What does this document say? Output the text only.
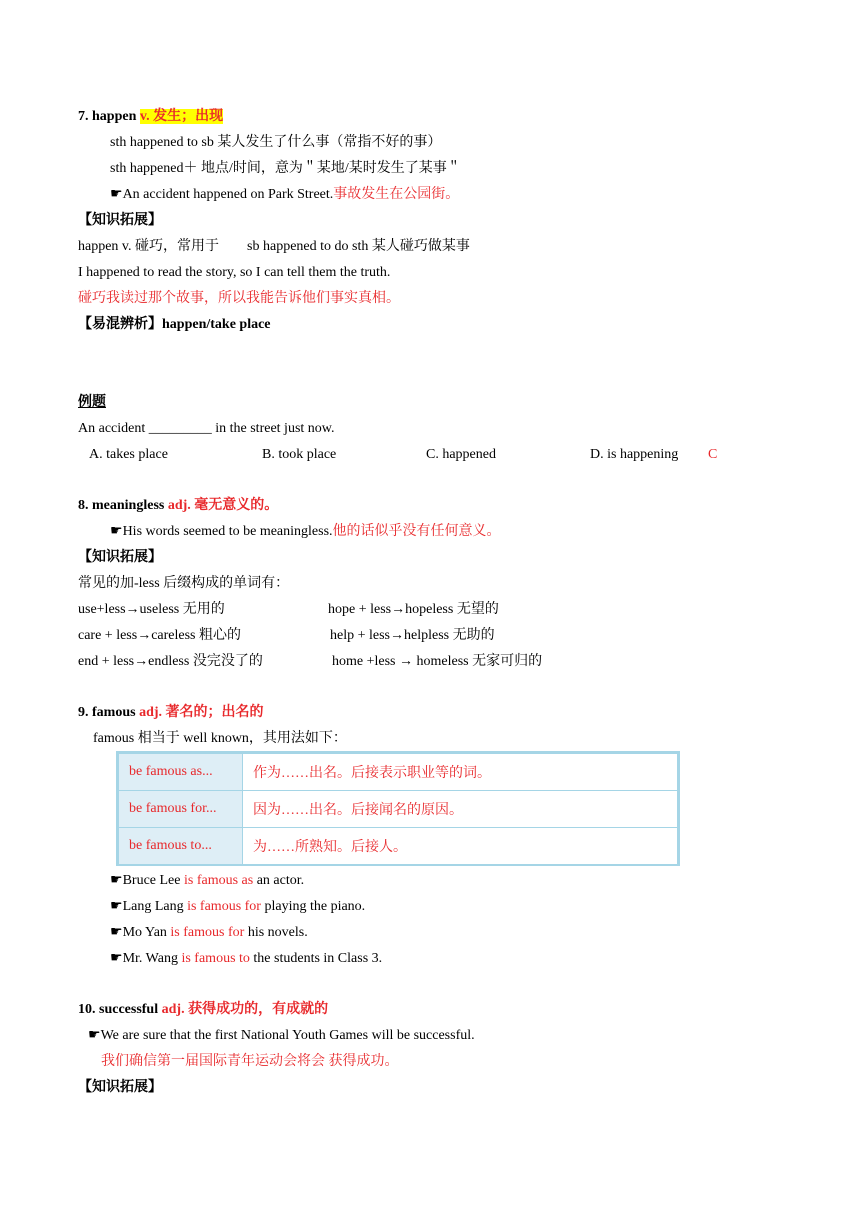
7. happen v. 发生；出现
sth happened to sb 某人发生了什么事（常指不好的事）
sth happened＋ 地点/时间，意为＂某地/某时发生了某事＂
☛An accident happened on Park Street.事故发生在公园街。
【知识拓展】
happen v. 碰巧，常用于 sb happened to do sth 某人碰巧做某事
I happened to read the story, so I can tell them the truth.
碰巧我读过那个故事，所以我能告诉他们事实真相。
【易混辨析】happen/take place
例题
An accident _________ in the street just now.
A. takes place	B. took place	C. happened	D. is happening C
8. meaningless adj. 毫无意义的。
☛His words seemed to be meaningless.他的话似乎没有任何意义。
【知识拓展】
常见的加-less 后缀构成的单词有：
use+less→useless 无用的	hope + less→hopeless 无望的
care + less→careless 粗心的	help + less→helpless 无助的
end + less→endless 没完没了的	home +less → homeless 无家可归的
9. famous adj. 著名的；出名的
famous 相当于 well known，其用法如下：
be famous as...	作为……出名。后接表示职业等的词。
be famous for...	因为……出名。后接闻名的原因。
be famous to...	为……所熟知。后接人。
☛Bruce Lee is famous as an actor.
☛Lang Lang is famous for playing the piano.
☛Mo Yan is famous for his novels.
☛Mr. Wang is famous to the students in Class 3.
10. successful adj. 获得成功的，有成就的
☛We are sure that the first National Youth Games will be successful.
我们确信第一届国际青年运动会将会 获得成功。
【知识拓展】
